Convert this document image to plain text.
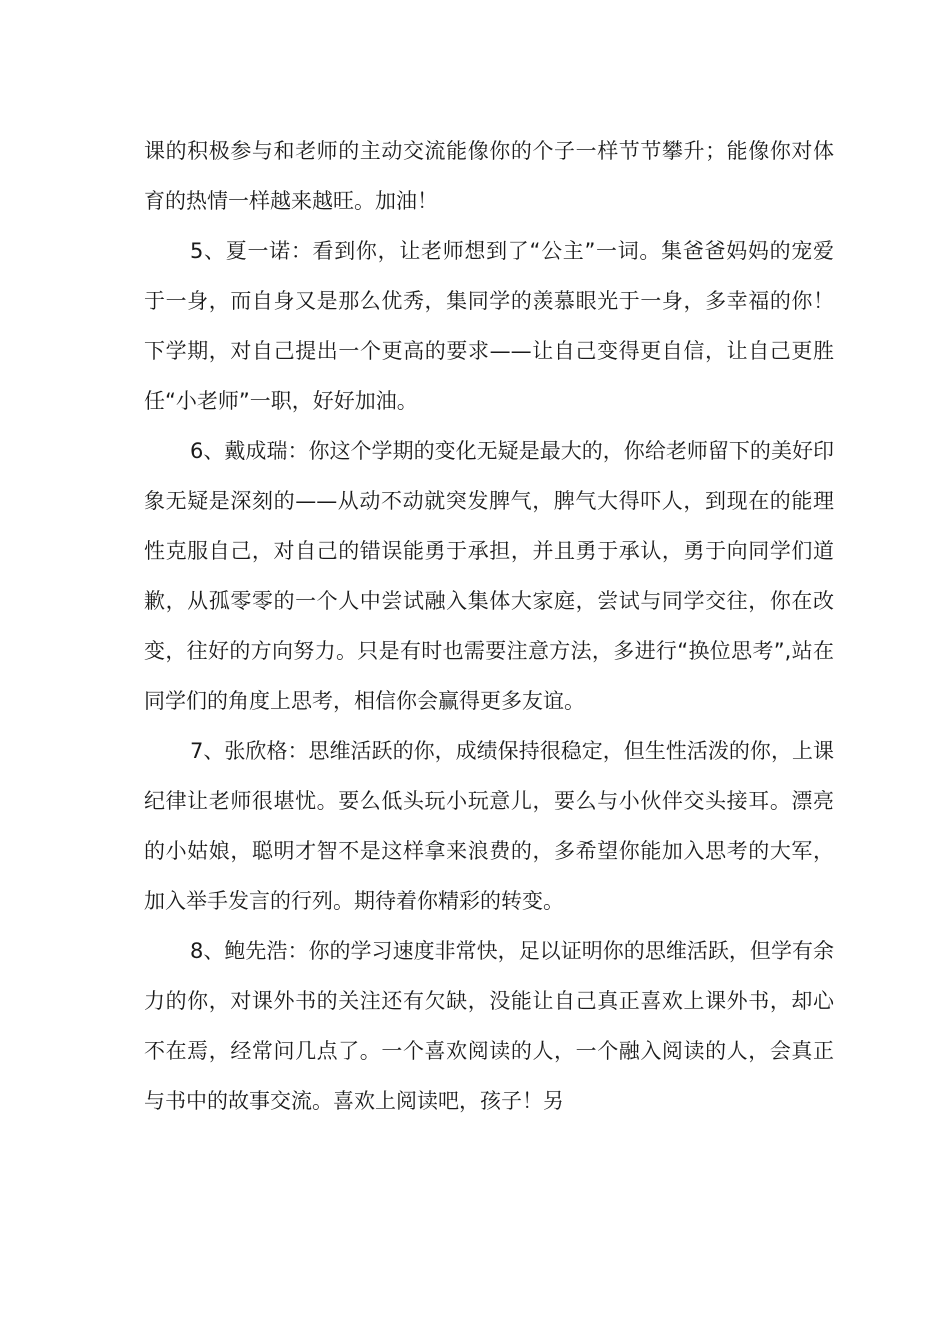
课的积极参与和老师的主动交流能像你的个子一样节节攀升；能像你对体育的热情一样越来越旺。加油！

5、夏一诺：看到你，让老师想到了“公主”一词。集爸爸妈妈的宠爱于一身，而自身又是那么优秀，集同学的羡慕眼光于一身，多幸福的你！下学期，对自己提出一个更高的要求——让自己变得更自信，让自己更胜任“小老师”一职，好好加油。

6、戴成瑞：你这个学期的变化无疑是最大的，你给老师留下的美好印象无疑是深刻的——从动不动就突发脾气，脾气大得吓人，到现在的能理性克服自己，对自己的错误能勇于承担，并且勇于承认，勇于向同学们道歉，从孤零零的一个人中尝试融入集体大家庭，尝试与同学交往，你在改变，往好的方向努力。只是有时也需要注意方法，多进行“换位思考”,站在同学们的角度上思考，相信你会赢得更多友谊。

7、张欣格：思维活跃的你，成绩保持很稳定，但生性活泼的你，上课纪律让老师很堪忧。要么低头玩小玩意儿，要么与小伙伴交头接耳。漂亮的小姑娘，聪明才智不是这样拿来浪费的，多希望你能加入思考的大军，加入举手发言的行列。期待着你精彩的转变。

8、鲍先浩：你的学习速度非常快，足以证明你的思维活跃，但学有余力的你，对课外书的关注还有欠缺，没能让自己真正喜欢上课外书，却心不在焉，经常问几点了。一个喜欢阅读的人，一个融入阅读的人，会真正与书中的故事交流。喜欢上阅读吧，孩子！另
